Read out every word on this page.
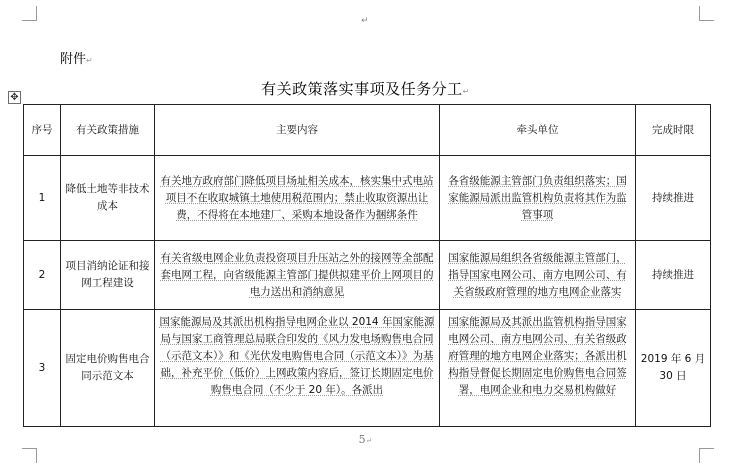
↵
附件↵
有关政策落实事项及任务分工↵
✥
序号	有关政策措施	主要内容	牵头单位	完成时限
1	降低土地等非技术成本	有关地方政府部门降低项目场址相关成本，核实集中式电站项目不在收取城镇土地使用税范围内；禁止收取资源出让费，不得将在本地建厂、采购本地设备作为捆绑条件	各省级能源主管部门负责组织落实；国家能源局派出监管机构负责将其作为监管事项	持续推进
2	项目消纳论证和接网工程建设	有关省级电网企业负责投资项目升压站之外的接网等全部配套电网工程，向省级能源主管部门提供拟建平价上网项目的电力送出和消纳意见	国家能源局组织各省级能源主管部门，指导国家电网公司、南方电网公司、有关省级政府管理的地方电网企业落实	持续推进
3	固定电价购售电合同示范文本	国家能源局及其派出机构指导电网企业以 2014 年国家能源局与国家工商管理总局联合印发的《风力发电场购售电合同（示范文本）》和《光伏发电购售电合同（示范文本）》为基础，补充平价（低价）上网政策内容后，签订长期固定电价购售电合同（不少于 20 年）。各派出	国家能源局及其派出监管机构指导国家电网公司、南方电网公司、有关省级政府管理的地方电网企业落实；各派出机构指导督促长期固定电价购售电合同签署，电网企业和电力交易机构做好	2019 年 6 月 30 日
5↵
